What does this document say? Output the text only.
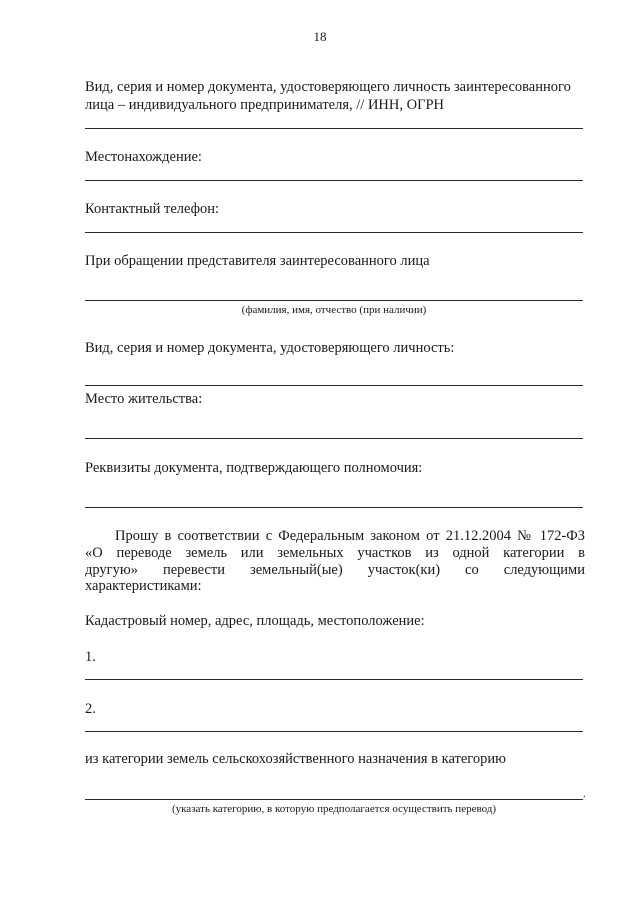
18
Вид, серия и номер документа, удостоверяющего личность заинтересованного
лица – индивидуального предпринимателя, // ИНН, ОГРН
Местонахождение:
Контактный телефон:
При обращении представителя заинтересованного лица
(фамилия, имя, отчество (при наличии)
Вид, серия и номер документа, удостоверяющего личность:
Место жительства:
Реквизиты документа, подтверждающего полномочия:
Прошу в соответствии с Федеральным законом от 21.12.2004 № 172-ФЗ
«О переводе земель или земельных участков из одной категории в
другую» перевести земельный(ые) участок(ки) со следующими
характеристиками:
Кадастровый номер, адрес, площадь, местоположение:
1.
2.
из категории земель сельскохозяйственного назначения в категорию
.
(указать категорию, в которую предполагается осуществить перевод)
